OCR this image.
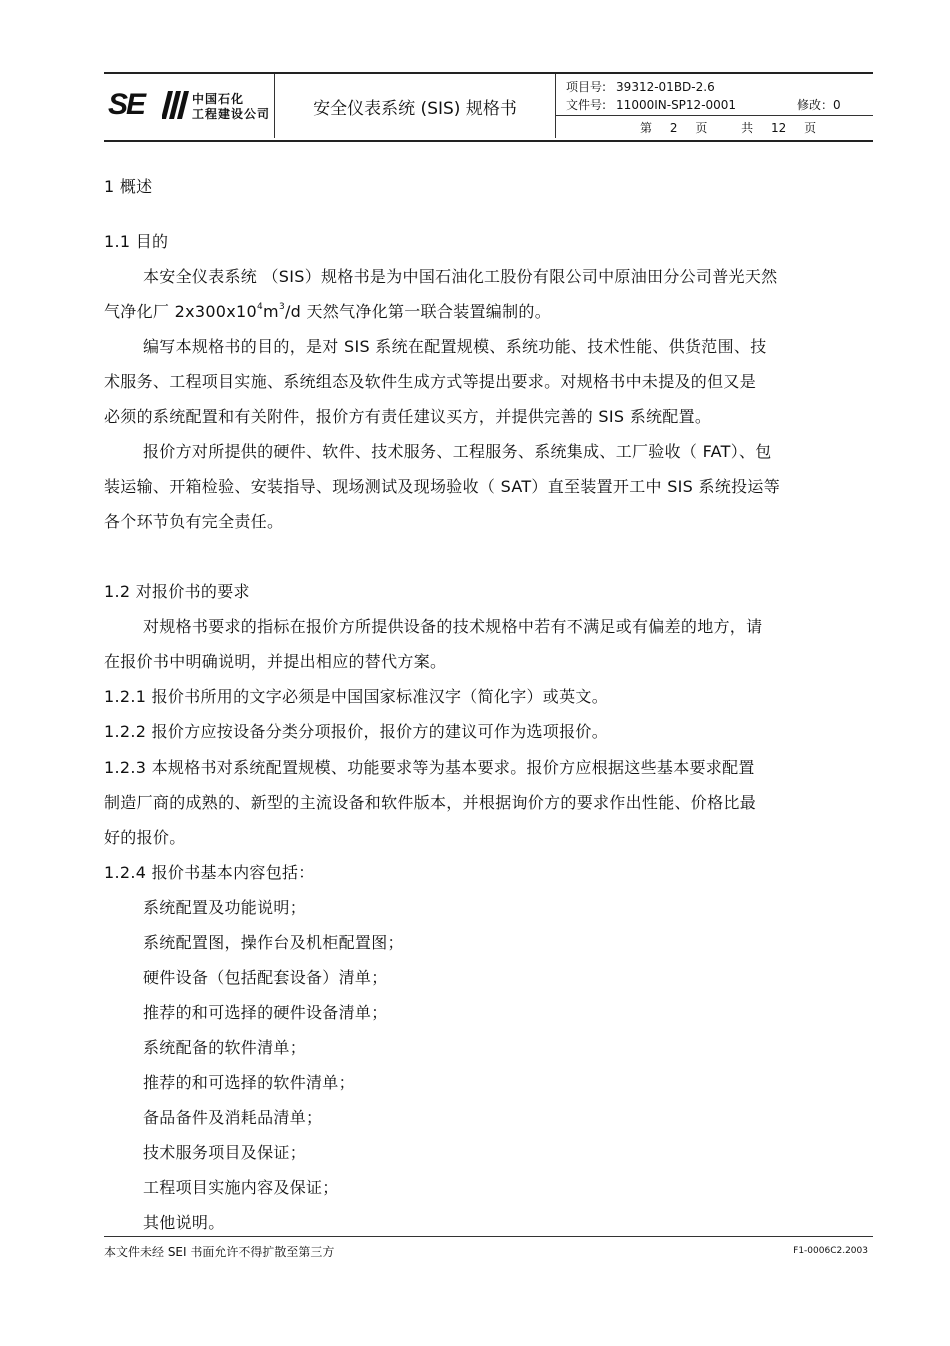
SE	中国石化
工程建设公司	安全仪表系统 (SIS) 规格书
项目号: 39312-01BD-2.6
文件号: 11000IN-SP12-0001	修改：0
第 2 页	共 12 页
1 概述
1.1 目的
本安全仪表系统 （SIS）规格书是为中国石油化工股份有限公司中原油田分公司普光天然
气净化厂 $2x300x10^4m^3/d$ 天然气净化第一联合装置编制的。
编写本规格书的目的，是对 SIS 系统在配置规模、系统功能、技术性能、供货范围、技
术服务、工程项目实施、系统组态及软件生成方式等提出要求。对规格书中未提及的但又是
必须的系统配置和有关附件，报价方有责任建议买方，并提供完善的 SIS 系统配置。
报价方对所提供的硬件、软件、技术服务、工程服务、系统集成、工厂验收（ FAT）、包
装运输、开箱检验、安装指导、现场测试及现场验收（ SAT）直至装置开工中 SIS 系统投运等
各个环节负有完全责任。
1.2 对报价书的要求
对规格书要求的指标在报价方所提供设备的技术规格中若有不满足或有偏差的地方，请
在报价书中明确说明，并提出相应的替代方案。
1.2.1 报价书所用的文字必须是中国国家标准汉字（简化字）或英文。
1.2.2 报价方应按设备分类分项报价，报价方的建议可作为选项报价。
1.2.3 本规格书对系统配置规模、功能要求等为基本要求。报价方应根据这些基本要求配置
制造厂商的成熟的、新型的主流设备和软件版本，并根据询价方的要求作出性能、价格比最
好的报价。
1.2.4 报价书基本内容包括：
系统配置及功能说明；
系统配置图，操作台及机柜配置图；
硬件设备（包括配套设备）清单；
推荐的和可选择的硬件设备清单；
系统配备的软件清单；
推荐的和可选择的软件清单；
备品备件及消耗品清单；
技术服务项目及保证；
工程项目实施内容及保证；
其他说明。
本文件未经 SEI 书面允许不得扩散至第三方	F1-0006C2.2003
